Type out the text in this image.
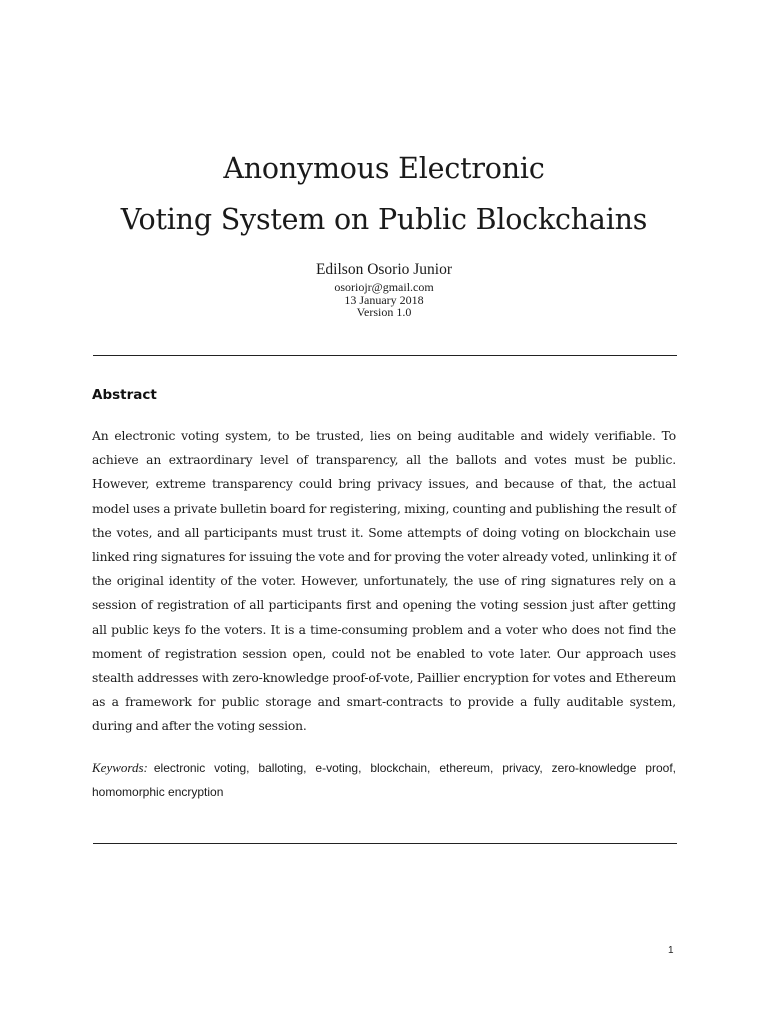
Anonymous Electronic
Voting System on Public Blockchains
Edilson Osorio Junior
osoriojr@gmail.com
13 January 2018
Version 1.0
Abstract
An electronic voting system, to be trusted, lies on being auditable and widely verifiable. To achieve an extraordinary level of transparency, all the ballots and votes must be public. However, extreme transparency could bring privacy issues, and because of that, the actual model uses a private bulletin board for registering, mixing, counting and publishing the result of the votes, and all participants must trust it. Some attempts of doing voting on blockchain use linked ring signatures for issuing the vote and for proving the voter already voted, unlinking it of the original identity of the voter. However, unfortunately, the use of ring signatures rely on a session of registration of all participants first and opening the voting session just after getting all public keys fo the voters. It is a time-consuming problem and a voter who does not find the moment of registration session open, could not be enabled to vote later. Our approach uses stealth addresses with zero-knowledge proof-of-vote, Paillier encryption for votes and Ethereum as a framework for public storage and smart-contracts to provide a fully auditable system, during and after the voting session.
Keywords: electronic voting, balloting, e-voting, blockchain, ethereum, privacy, zero-knowledge proof, homomorphic encryption
1
